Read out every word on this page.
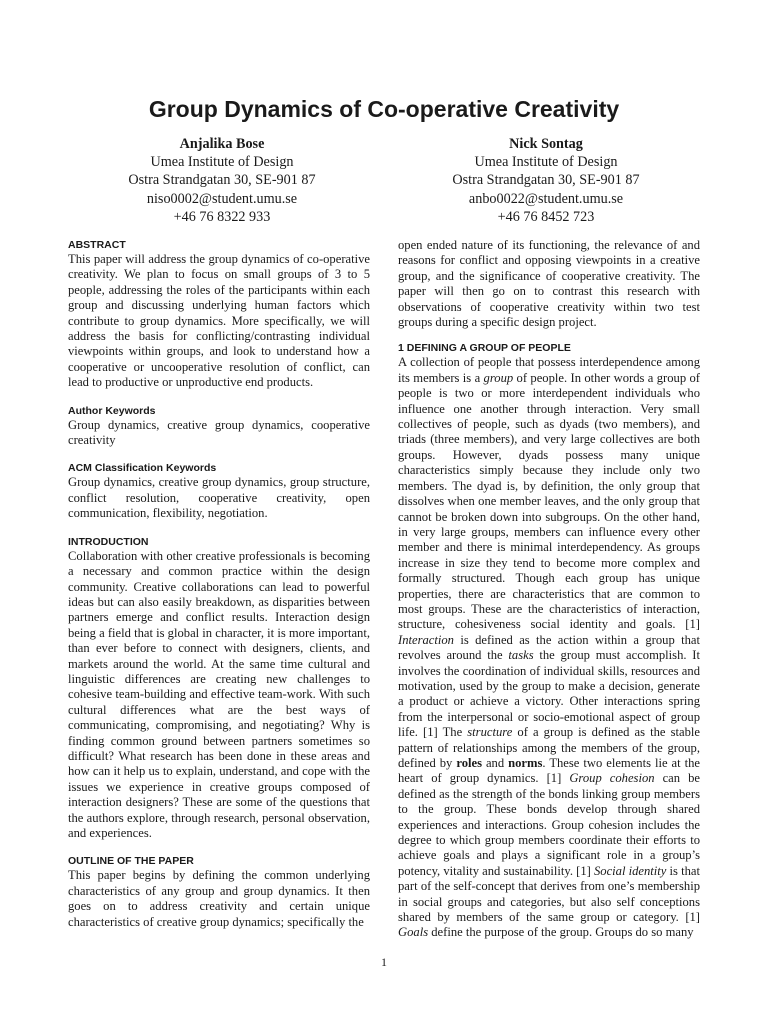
Group Dynamics of Co-operative Creativity
Anjalika Bose
Umea Institute of Design
Ostra Strandgatan 30, SE-901 87
niso0002@student.umu.se
+46 76 8322 933
Nick Sontag
Umea Institute of Design
Ostra Strandgatan 30, SE-901 87
anbo0022@student.umu.se
+46 76 8452 723

ABSTRACT

This paper will address the group dynamics of co-operative creativity. We plan to focus on small groups of 3 to 5 people, addressing the roles of the participants within each group and discussing underlying human factors which contribute to group dynamics. More specifically, we will address the basis for conflicting/contrasting individual viewpoints within groups, and look to understand how a cooperative or uncooperative resolution of conflict, can lead to productive or unproductive end products.

Author Keywords

Group dynamics, creative group dynamics, cooperative creativity

ACM Classification Keywords

Group dynamics, creative group dynamics, group structure, conflict resolution, cooperative creativity, open communication, flexibility, negotiation.

INTRODUCTION

Collaboration with other creative professionals is becoming a necessary and common practice within the design community. Creative collaborations can lead to powerful ideas but can also easily breakdown, as disparities between partners emerge and conflict results. Interaction design being a field that is global in character, it is more important, than ever before to connect with designers, clients, and markets around the world. At the same time cultural and linguistic differences are creating new challenges to cohesive team-building and effective team-work. With such cultural differences what are the best ways of communicating, compromising, and negotiating? Why is finding common ground between partners sometimes so difficult? What research has been done in these areas and how can it help us to explain, understand, and cope with the issues we experience in creative groups composed of interaction designers? These are some of the questions that the authors explore, through research, personal observation, and experiences.

OUTLINE OF THE PAPER

This paper begins by defining the common underlying characteristics of any group and group dynamics. It then goes on to address creativity and certain unique characteristics of creative group dynamics; specifically the

open ended nature of its functioning, the relevance of and reasons for conflict and opposing viewpoints in a creative group, and the significance of cooperative creativity. The paper will then go on to contrast this research with observations of cooperative creativity within two test groups during a specific design project.

1 DEFINING A GROUP OF PEOPLE

A collection of people that possess interdependence among its members is a group of people. In other words a group of people is two or more interdependent individuals who influence one another through interaction. Very small collectives of people, such as dyads (two members), and triads (three members), and very large collectives are both groups. However, dyads possess many unique characteristics simply because they include only two members. The dyad is, by definition, the only group that dissolves when one member leaves, and the only group that cannot be broken down into subgroups. On the other hand, in very large groups, members can influence every other member and there is minimal interdependency. As groups increase in size they tend to become more complex and formally structured. Though each group has unique properties, there are characteristics that are common to most groups. These are the characteristics of interaction, structure, cohesiveness social identity and goals. [1] Interaction is defined as the action within a group that revolves around the tasks the group must accomplish. It involves the coordination of individual skills, resources and motivation, used by the group to make a decision, generate a product or achieve a victory. Other interactions spring from the interpersonal or socio-emotional aspect of group life. [1] The structure of a group is defined as the stable pattern of relationships among the members of the group, defined by roles and norms. These two elements lie at the heart of group dynamics. [1] Group cohesion can be defined as the strength of the bonds linking group members to the group. These bonds develop through shared experiences and interactions. Group cohesion includes the degree to which group members coordinate their efforts to achieve goals and plays a significant role in a group’s potency, vitality and sustainability. [1] Social identity is that part of the self-concept that derives from one’s membership in social groups and categories, but also self conceptions shared by members of the same group or category. [1] Goals define the purpose of the group. Groups do so many

1
